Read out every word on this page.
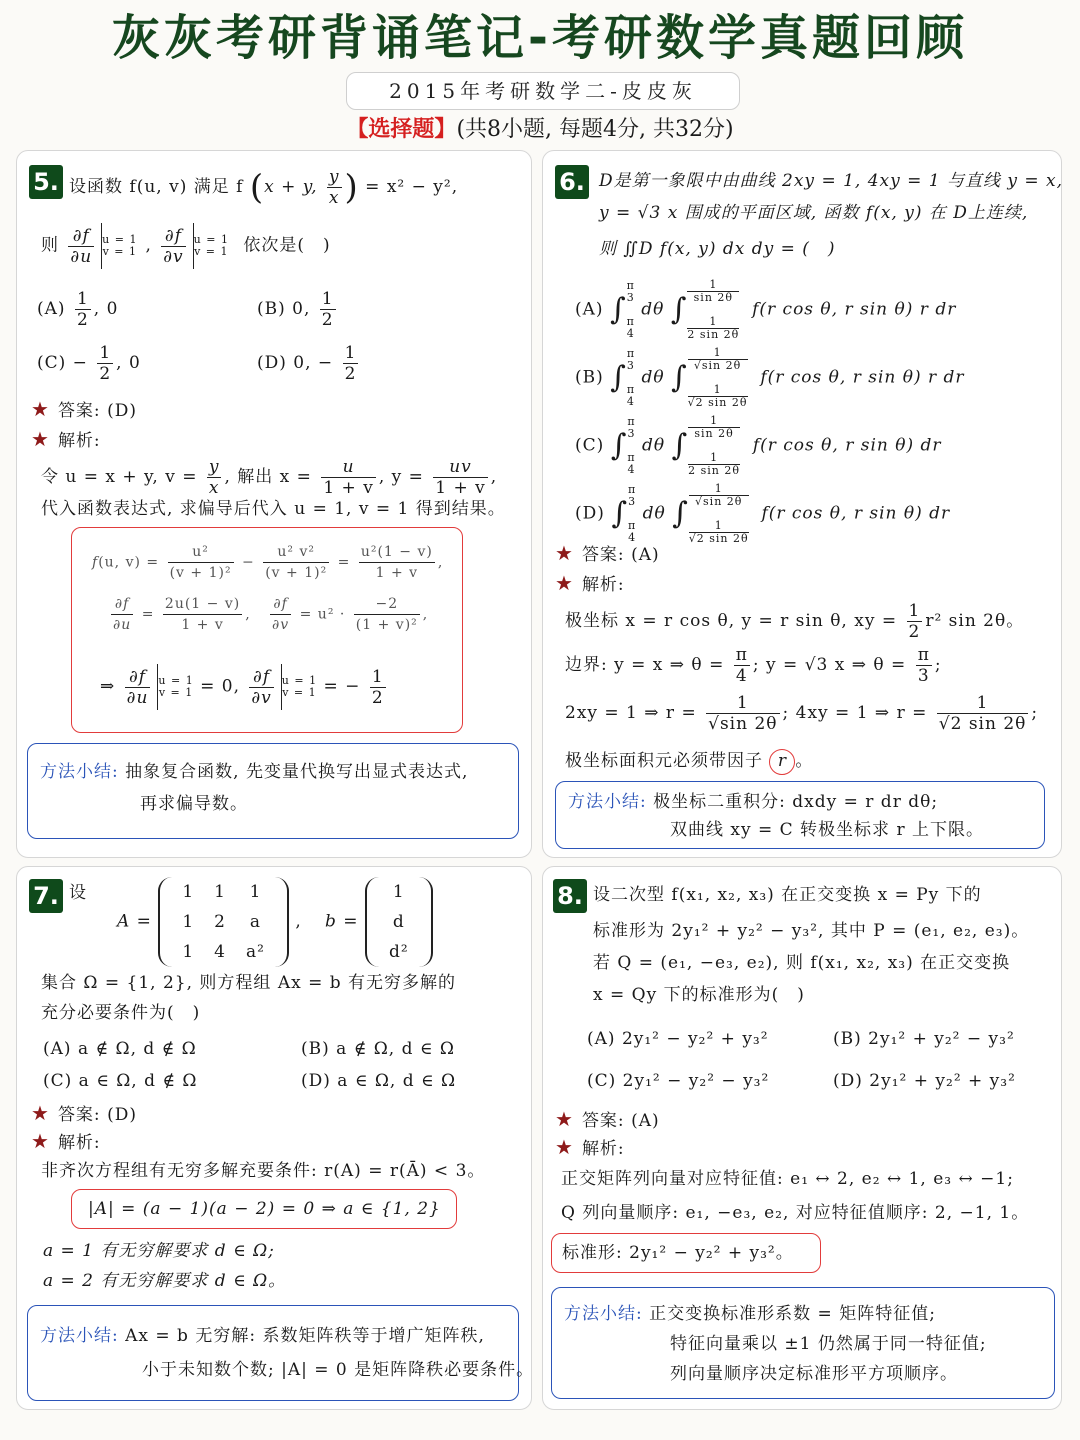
灰灰考研背诵笔记-考研数学真题回顾
2015年考研数学二-皮皮灰
【选择题】(共8小题, 每题4分, 共32分)
5. 设函数 f(u, v) 满足 f (x + y, $\frac{y}{x}$ ) = x² − y²,
则 $\frac{\partial f}{\partial u}$ u = 1
v = 1 , $\frac{\partial f}{\partial v}$ u = 1
v = 1 依次是(　)
$(A) \frac{1}{2}$ , 0	(B) 0, $\frac{1}{2}$
$(C) - \frac{1}{2}$ , 0	(D) 0, − $\frac{1}{2}$
★ 答案: (D)
★ 解析:
令 u = x + y, $v = \frac{y}{x}$ , 解出 $x = \frac{u}{1 + v}$ , $y = \frac{uv}{1 + v}$ ,
代入函数表达式, 求偏导后代入 u = 1, v = 1 得到结果。
f(u, $v) = \frac{\text{u²}}{\text{(v + 1)²}} - \frac{\text{u² v²}}{\text{(v + 1)²}} = \frac{\text{u²(1 − v)}}{1 + v}$ ,
$\frac{\partial f}{\partial u} = \frac{2u(1 - v)}{1 + v}$ , $\frac{\partial f}{\partial v} = u^2 \cdot \frac{-2}{\text{(1 + v)²}}$ ,
⇒ $\frac{\partial f}{\partial u}$ u = 1
v = 1 = 0, $\frac{\partial f}{\partial v}$ u = 1
v = 1 = − $\frac{1}{2}$
方法小结: 抽象复合函数, 先变量代换写出显式表达式,
再求偏导数。
6. D是第一象限中由曲线 2xy = 1, 4xy = 1 与直线 y = x,
y = √3 x 围成的平面区域, 函数 f(x, y) 在 D上连续,
则 ∬D f(x, y) dx dy = (　)
(A) ∫π
3

π
4 dθ ∫
1
sin 2θ

1
2 sin 2θ  f(r cos θ, r sin θ) r dr
(B) ∫π
3

π
4 dθ ∫
1
√sin 2θ

1
√2 sin 2θ  f(r cos θ, r sin θ) r dr
(C) ∫π
3

π
4 dθ ∫
1
sin 2θ

1
2 sin 2θ  f(r cos θ, r sin θ) dr
(D) ∫π
3

π
4 dθ ∫
1
√sin 2θ

1
√2 sin 2θ  f(r cos θ, r sin θ) dr
★ 答案: (A)
★ 解析:
极坐标 x = r cos θ, y = r sin θ, xy = $\frac{1}{2} r^2$ sin 2θ。
边界: y = x ⇒ $\theta = \frac{\pi}{4}$ ; y = √3 x ⇒ $\theta = \frac{\pi}{3}$ ;
2xy = 1 ⇒ $r = \frac{1}{√\sin 2\theta}$ ; 4xy = 1 ⇒ $r = \frac{1}{√2 \sin 2\theta}$ ;
极坐标面积元必须带因子 r 。
方法小结: 极坐标二重积分: dxdy = r dr dθ;
双曲线 xy = C 转极坐标求 r 上下限。
7. 设
A =
1	1	1
1	2	a
1	4	a²
, b =
1
d
d²
集合 Ω = {1, 2}, 则方程组 Ax = b 有无穷多解的
充分必要条件为(　)
(A) a ∉ Ω, d ∉ Ω	(B) a ∉ Ω, d ∈ Ω
(C) a ∈ Ω, d ∉ Ω	(D) a ∈ Ω, d ∈ Ω
★ 答案: (D)
★ 解析:
非齐次方程组有无穷多解充要条件: r(A) = r(Ā) < 3。
|A| = (a − 1)(a − 2) = 0 ⇒ a ∈ {1, 2}
a = 1 有无穷解要求 d ∈ Ω;
a = 2 有无穷解要求 d ∈ Ω。
方法小结: Ax = b 无穷解: 系数矩阵秩等于增广矩阵秩,
小于未知数个数; |A| = 0 是矩阵降秩必要条件。
8. 设二次型 f(x₁, x₂, x₃) 在正交变换 x = Py 下的
标准形为 2y₁² + y₂² − y₃², 其中 P = (e₁, e₂, e₃)。
若 Q = (e₁, −e₃, e₂), 则 f(x₁, x₂, x₃) 在正交变换
x = Qy 下的标准形为(　)
(A) 2y₁² − y₂² + y₃²	(B) 2y₁² + y₂² − y₃²
(C) 2y₁² − y₂² − y₃²	(D) 2y₁² + y₂² + y₃²
★ 答案: (A)
★ 解析:
正交矩阵列向量对应特征值: e₁ ↔ 2, e₂ ↔ 1, e₃ ↔ −1;
Q 列向量顺序: e₁, −e₃, e₂, 对应特征值顺序: 2, −1, 1。
标准形: 2y₁² − y₂² + y₃²。
方法小结: 正交变换标准形系数 = 矩阵特征值;
特征向量乘以 ±1 仍然属于同一特征值;
列向量顺序决定标准形平方项顺序。
